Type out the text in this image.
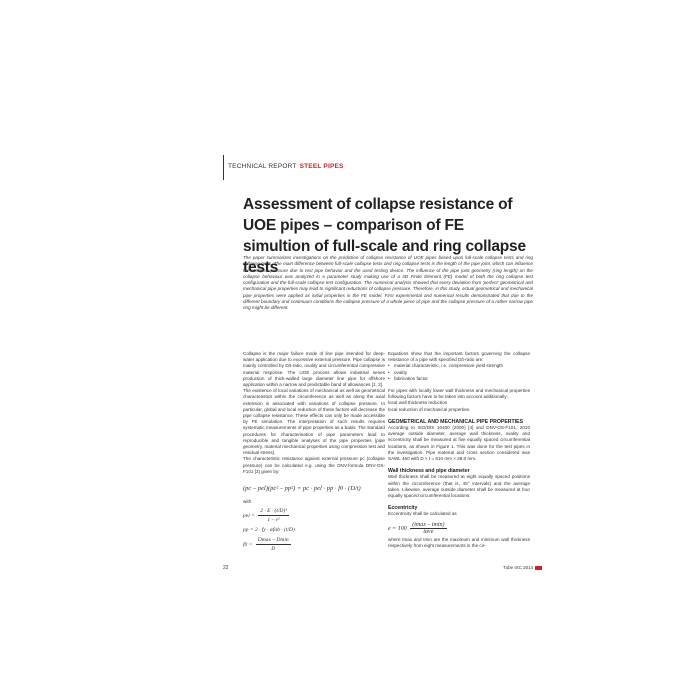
TECHNICAL REPORT STEEL PIPES
Assessment of collapse resistance of UOE pipes – comparison of FE simultion of full-scale and ring collapse tests

The paper summarizes investigations on the prediction of collapse resistance of UOE pipes based upon full-scale collapse tests and ring collapse tests. The main difference between full-scale collapse tests and ring collapse tests is the length of the pipe joint, which can influence the collapse pressure due to test pipe behavior and the used testing device. The influence of the pipe joint geometry (ring length) on the collapse behaviour was analyzed in a parameter study making use of a 3D Finite Element (FE) model of both the ring collapse test configuration and the full-scale collapse test configuration. The numerical analysis showed that every deviation from 'perfect' geometrical and mechanical pipe properties may lead to significant reductions of collapse pressure. Therefore, in this study, actual geometrical and mechanical pipe properties were applied as initial properties in the FE model. First experimental and numerical results demonstrated that due to the different boundary and continuum conditions the collapse pressure of a whole piece of pipe and the collapse pressure of a rather narrow pipe ring might be different.

Collapse is the major failure mode of line pipe intended for deep-water application due to excessive external pressure. Pipe collapse is mainly controlled by D/t-ratio, ovality and circumferential compressive material response. The UOE process allows industrial series production of thick-walled large diameter line pipe for offshore application within a narrow and predictable band of allowances [1, 2].

The existence of local variations of mechanical as well as geometrical characteristics within the circumference as well as along the axial extension is associated with variations of collapse pressure. In particular, global and local reduction of these factors will decrease the pipe collapse resistance. These effects can only be made accessible by FE simulation. The interpretation of such results requires systematic measurements of pipe properties as a basis. The standard procedures for characterisation of pipe parameters lead to reproducible and tangible analyses of the pipe properties (pipe geometry, material mechanical properties using compression test and residual stress).

The characteristic resistance against external pressure pc (collapse pressure) can be calculated e.g. using the DNV-formula DNV-OS-F101 [3] given by:

(pc – pel)(pc² – pp²) = pc · pel · pp · f0 · (D/t)
with
pel = $\frac{\text{2 · E · (t/D)³}}{\text{1 – ν²}}$
pp = 2 · fy · αfab · (t/D)
$f0 = \frac{Dmax - Dmin}{D}$

Equations show that the important factors governing the collapse resistance of a pipe with specified D/t-ratio are:

• material characteristic, i.e. compressive yield strength

• ovality

• fabrication factor

For pipes with locally lower wall thickness and mechanical properties following factors have to be taken into account additionally:

local wall thickness reduction

local reduction of mechanical properties.

GEOMETRICAL AND MECHANICAL PIPE PROPERTIES

According to ISO/DIS 10400 (2000) [4] and DNV-OS-F101, 2010 average outside diameter, average wall thickness, ovality and eccentricity shall be measured at five equally spaced circumferential locations, as shown in Figure 1. This was done for the test pipes in the investigation. Pipe material and cross section considered was SAWL 450 with D × t = 610 mm × 28.0 mm.

Wall thickness and pipe diameter

Wall thickness shall be measured at eight equally spaced positions within the circumference (that is, 45° intervals) and the average taken. Likewise, average outside diameter shall be measured at four equally spaced circumferential locations.

Eccentricity

Eccentricity shall be calculated as

$e = 100 \frac{(tmax - tmin)}{\text{tave}}$

where tmax and tmin are the maximum and minimum wall thickness respectively from eight measurements in the cir-

22	Tube ISC 2014
